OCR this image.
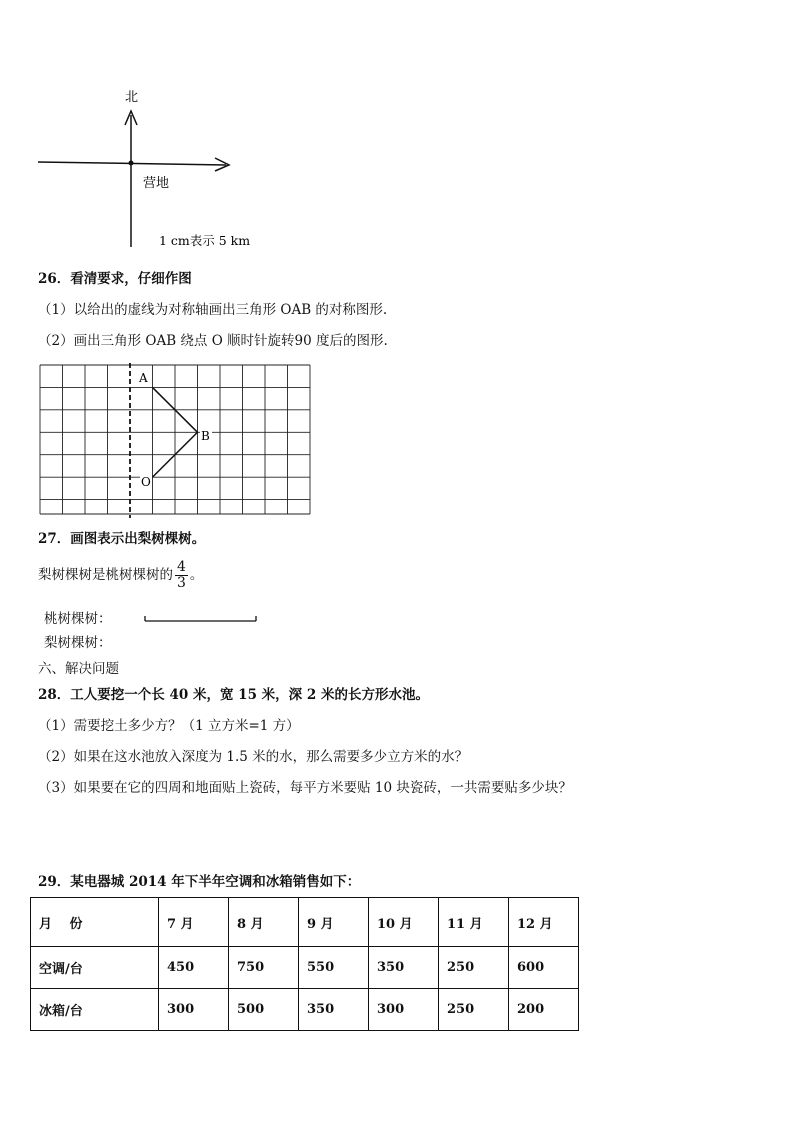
北
营地
1 cm表示 5 km
26．看清要求，仔细作图
（1）以给出的虚线为对称轴画出三角形 OAB 的对称图形.
（2）画出三角形 OAB 绕点 O 顺时针旋转90 度后的图形.
A
B
O
27．画图表示出梨树棵树。
梨树棵树是桃树棵树的 $\frac{4}{3}$ 。
桃树棵树：
梨树棵树：
六、解决问题
28．工人要挖一个长 40 米，宽 15 米，深 2 米的长方形水池。
（1）需要挖土多少方？（1 立方米=1 方）
（2）如果在这水池放入深度为 1.5 米的水，那么需要多少立方米的水？
（3）如果要在它的四周和地面贴上瓷砖，每平方米要贴 10 块瓷砖，一共需要贴多少块？
29．某电器城 2014 年下半年空调和冰箱销售如下：
月　 份	7 月	8 月	9 月	10 月	11 月	12 月
空调/台	450	750	550	350	250	600
冰箱/台	300	500	350	300	250	200
